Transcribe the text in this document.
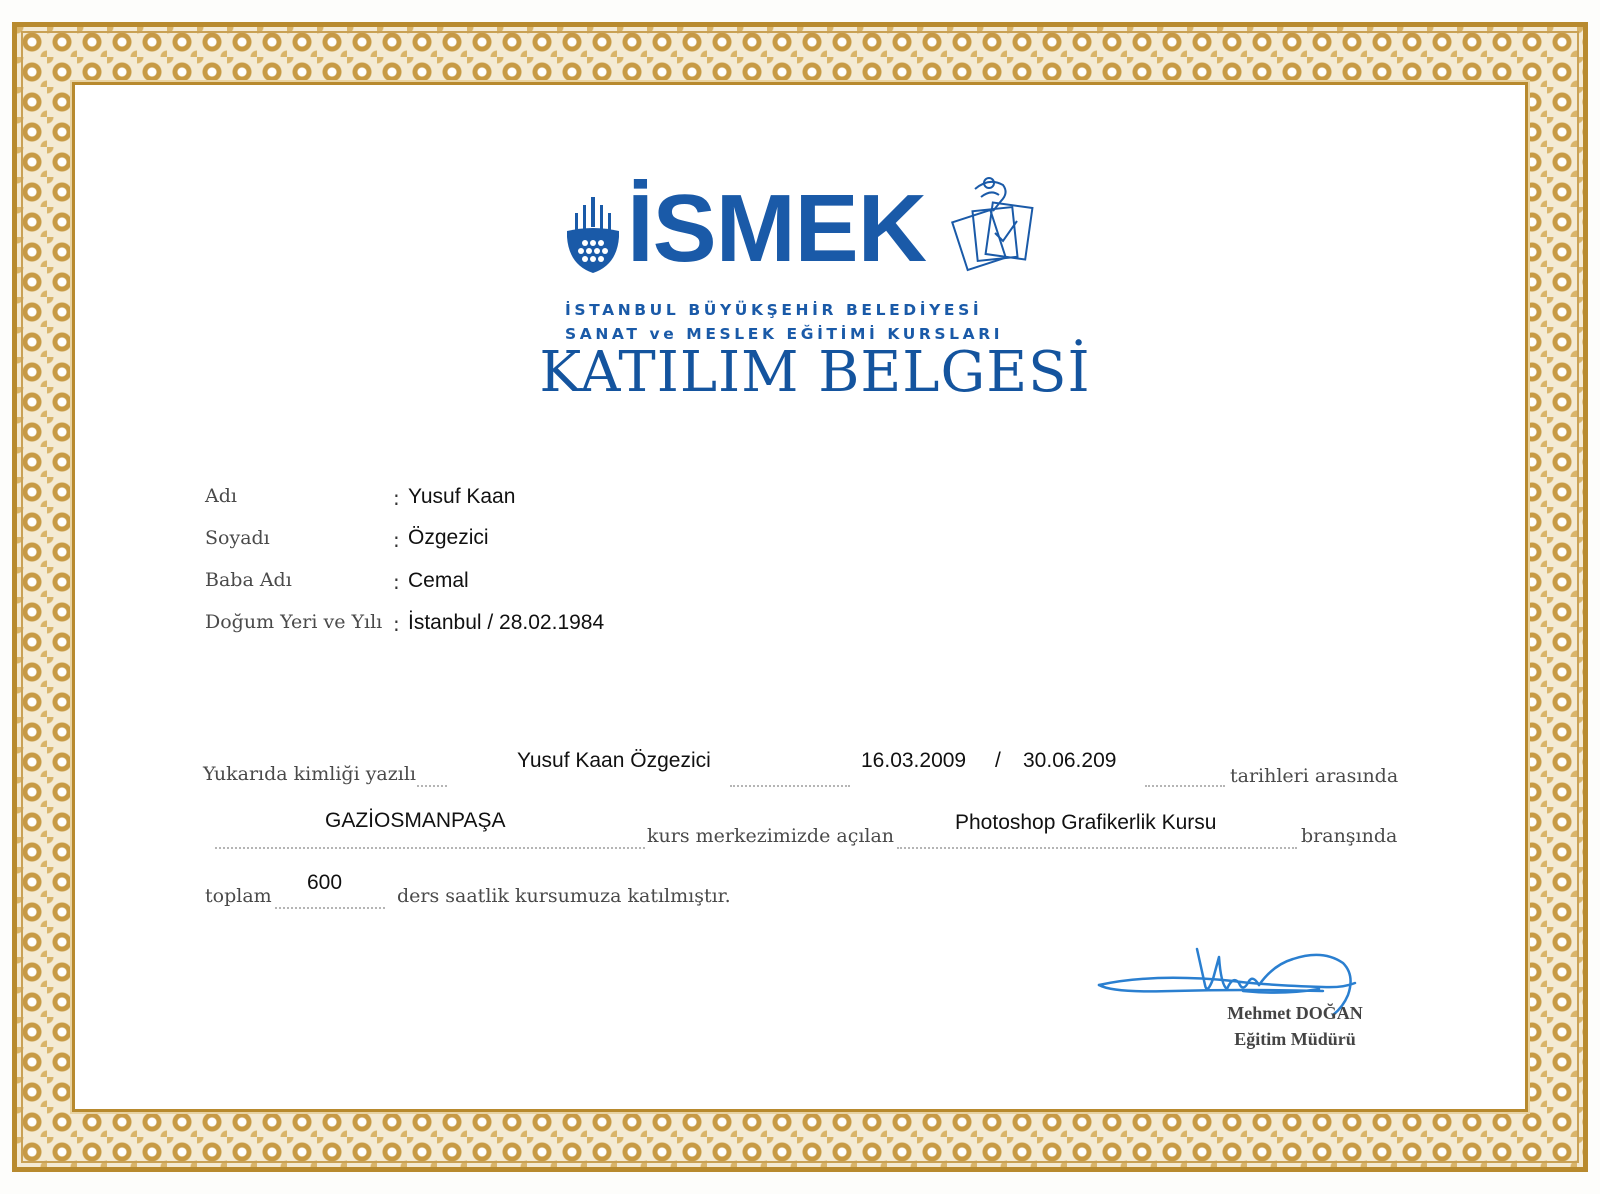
İSMEK
İSTANBUL BÜYÜKŞEHİR BELEDİYESİ
SANAT ve MESLEK EĞİTİMİ KURSLARI
KATILIM BELGESİ
Adı	: Yusuf Kaan
Soyadı	: Özgezici
Baba Adı	: Cemal
Doğum Yeri ve Yılı : İstanbul / 28.02.1984
Yukarıda kimliği yazılı
Yusuf Kaan Özgezici	16.03.2009 / 30.06.209
tarihleri arasında
GAZİOSMANPAŞA
kurs merkezimizde açılan
Photoshop Grafikerlik Kursu
branşında
toplam
600
ders saatlik kursumuza katılmıştır.
Mehmet DOĞAN
Eğitim Müdürü
